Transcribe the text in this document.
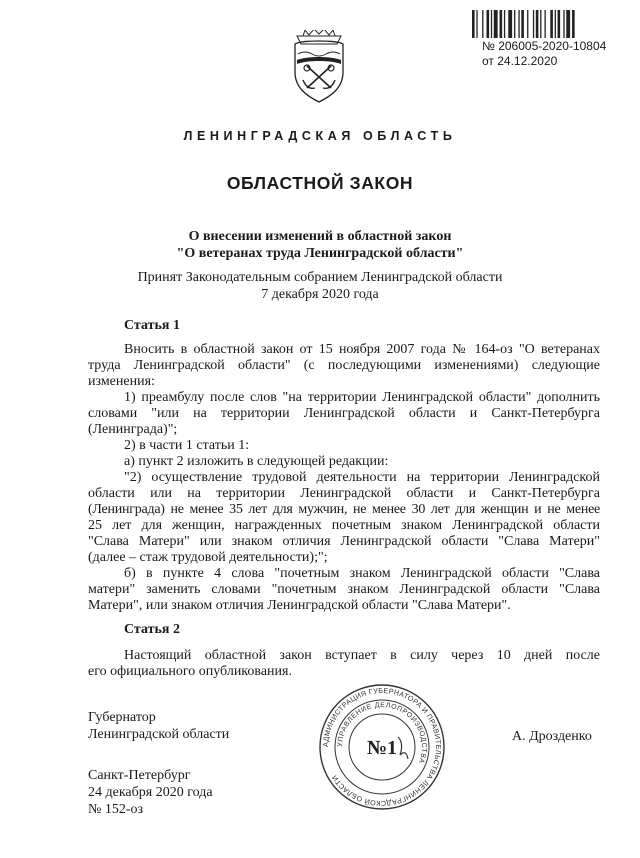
№ 206005-2020-10804
от 24.12.2020
ЛЕНИНГРАДСКАЯ ОБЛАСТЬ
ОБЛАСТНОЙ ЗАКОН
О внесении изменений в областной закон
"О ветеранах труда Ленинградской области"
Принят Законодательным собранием Ленинградской области
7 декабря 2020 года
Статья 1
Вносить в областной закон от 15 ноября 2007 года № 164-оз "О ветеранах
труда Ленинградской области" (с последующими изменениями) следующие
изменения:
1) преамбулу после слов "на территории Ленинградской области" дополнить
словами "или на территории Ленинградской области и Санкт-Петербурга
(Ленинграда)";
2) в части 1 статьи 1:
а) пункт 2 изложить в следующей редакции:
"2) осуществление трудовой деятельности на территории Ленинградской
области или на территории Ленинградской области и Санкт-Петербурга
(Ленинграда) не менее 35 лет для мужчин, не менее 30 лет для женщин и не менее
25 лет для женщин, награжденных почетным знаком Ленинградской области
"Слава Матери" или знаком отличия Ленинградской области "Слава Матери"
(далее – стаж трудовой деятельности);";
б) в пункте 4 слова "почетным знаком Ленинградской области "Слава
матери" заменить словами "почетным знаком Ленинградской области "Слава
Матери", или знаком отличия Ленинградской области "Слава Матери".
Статья 2
Настоящий областной закон вступает в силу через 10 дней после
его официального опубликования.
Губернатор
Ленинградской области	А. Дрозденко
АДМИНИСТРАЦИЯ ГУБЕРНАТОРА И ПРАВИТЕЛЬСТВА ЛЕНИНГРАДСКОЙ ОБЛАСТИ
УПРАВЛЕНИЕ ДЕЛОПРОИЗВОДСТВА
№1
Санкт-Петербург
24 декабря 2020 года
№ 152-оз
